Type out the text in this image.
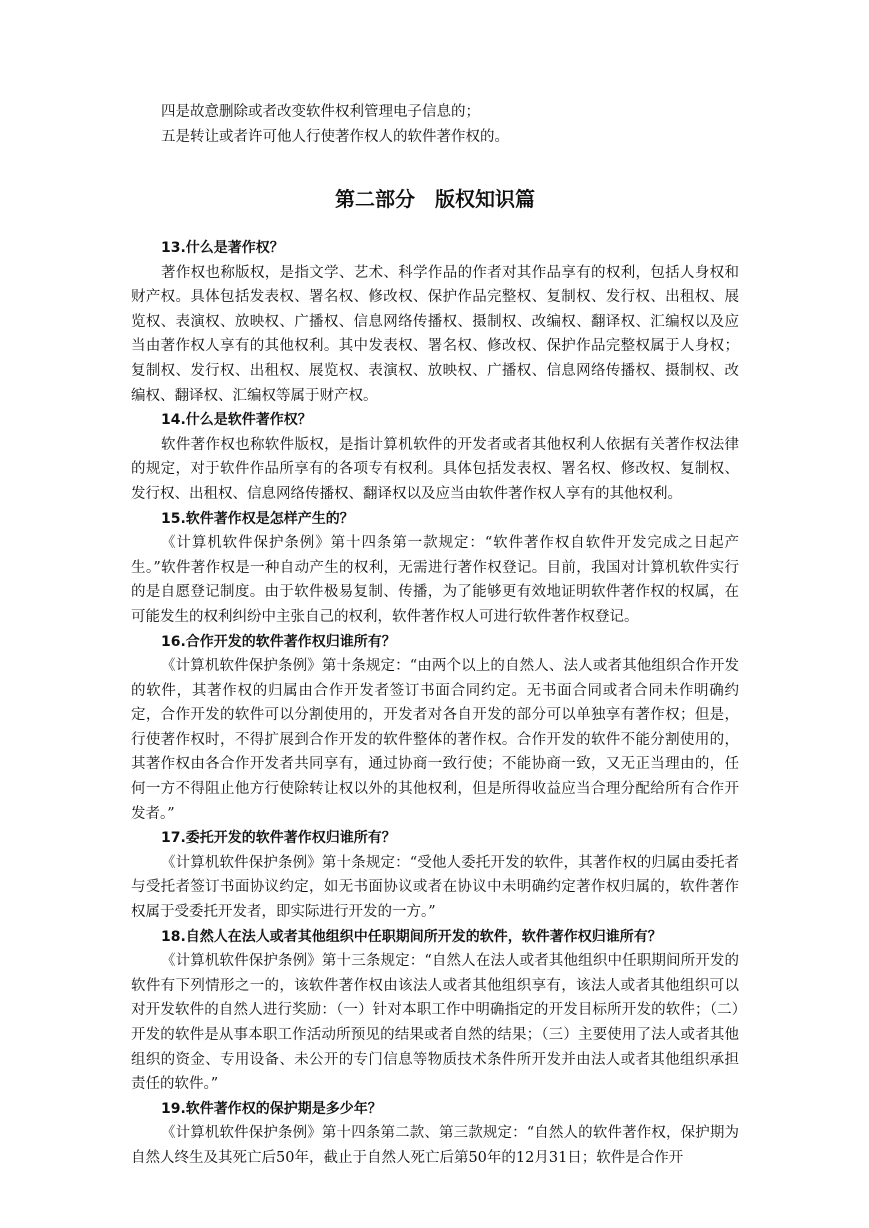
四是故意删除或者改变软件权利管理电子信息的；
五是转让或者许可他人行使著作权人的软件著作权的。
第二部分　版权知识篇
13.什么是著作权？
著作权也称版权，是指文学、艺术、科学作品的作者对其作品享有的权利，包括人身权和财产权。具体包括发表权、署名权、修改权、保护作品完整权、复制权、发行权、出租权、展览权、表演权、放映权、广播权、信息网络传播权、摄制权、改编权、翻译权、汇编权以及应当由著作权人享有的其他权利。其中发表权、署名权、修改权、保护作品完整权属于人身权；复制权、发行权、出租权、展览权、表演权、放映权、广播权、信息网络传播权、摄制权、改编权、翻译权、汇编权等属于财产权。
14.什么是软件著作权？
软件著作权也称软件版权，是指计算机软件的开发者或者其他权利人依据有关著作权法律的规定，对于软件作品所享有的各项专有权利。具体包括发表权、署名权、修改权、复制权、发行权、出租权、信息网络传播权、翻译权以及应当由软件著作权人享有的其他权利。
15.软件著作权是怎样产生的？
《计算机软件保护条例》第十四条第一款规定：“软件著作权自软件开发完成之日起产生。”软件著作权是一种自动产生的权利，无需进行著作权登记。目前，我国对计算机软件实行的是自愿登记制度。由于软件极易复制、传播，为了能够更有效地证明软件著作权的权属，在可能发生的权利纠纷中主张自己的权利，软件著作权人可进行软件著作权登记。
16.合作开发的软件著作权归谁所有？
《计算机软件保护条例》第十条规定：“由两个以上的自然人、法人或者其他组织合作开发的软件，其著作权的归属由合作开发者签订书面合同约定。无书面合同或者合同未作明确约定，合作开发的软件可以分割使用的，开发者对各自开发的部分可以单独享有著作权；但是，行使著作权时，不得扩展到合作开发的软件整体的著作权。合作开发的软件不能分割使用的，其著作权由各合作开发者共同享有，通过协商一致行使；不能协商一致，又无正当理由的，任何一方不得阻止他方行使除转让权以外的其他权利，但是所得收益应当合理分配给所有合作开发者。”
17.委托开发的软件著作权归谁所有？
《计算机软件保护条例》第十条规定：“受他人委托开发的软件，其著作权的归属由委托者与受托者签订书面协议约定，如无书面协议或者在协议中未明确约定著作权归属的，软件著作权属于受委托开发者，即实际进行开发的一方。”
18.自然人在法人或者其他组织中任职期间所开发的软件，软件著作权归谁所有？
《计算机软件保护条例》第十三条规定：“自然人在法人或者其他组织中任职期间所开发的软件有下列情形之一的，该软件著作权由该法人或者其他组织享有，该法人或者其他组织可以对开发软件的自然人进行奖励：（一）针对本职工作中明确指定的开发目标所开发的软件；（二）开发的软件是从事本职工作活动所预见的结果或者自然的结果；（三）主要使用了法人或者其他组织的资金、专用设备、未公开的专门信息等物质技术条件所开发并由法人或者其他组织承担责任的软件。”
19.软件著作权的保护期是多少年？
《计算机软件保护条例》第十四条第二款、第三款规定：“自然人的软件著作权，保护期为自然人终生及其死亡后50年，截止于自然人死亡后第50年的12月31日；软件是合作开
